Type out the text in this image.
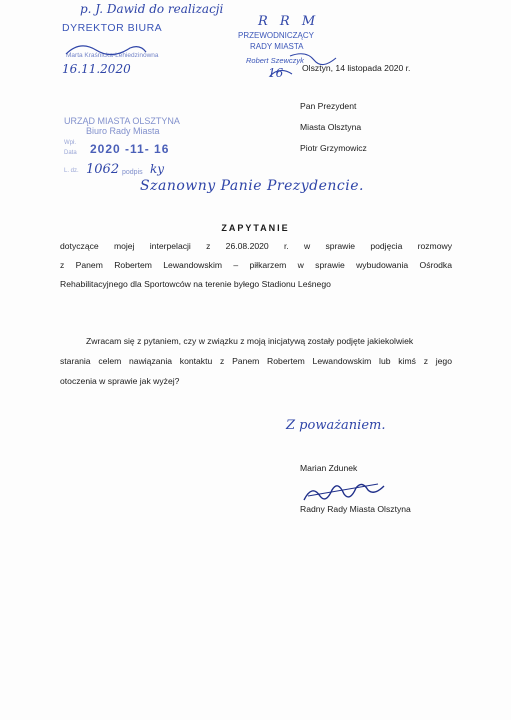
p. J. Dawid do realizacji
DYREKTOR BIURA
Marta Kraśnicka-Lehiedzinówna
16.11.2020
R R M
PRZEWODNICZĄCY
RADY MIASTA
Robert Szewczyk
16 Olsztyn, 14 listopada 2020 r.
URZĄD MIASTA OLSZTYNA
Biuro Rady Miasta
Wpł.
Data 2020 -11- 16
L. dz. 1062 podpis ky
Pan Prezydent
Miasta Olsztyna
Piotr Grzymowicz
Szanowny Panie Prezydencie.
ZAPYTANIE
dotyczące mojej interpelacji z 26.08.2020 r. w sprawie podjęcia rozmowy
z Panem Robertem Lewandowskim – piłkarzem w sprawie wybudowania Ośrodka
Rehabilitacyjnego dla Sportowców na terenie byłego Stadionu Leśnego
Zwracam się z pytaniem, czy w związku z moją inicjatywą zostały podjęte jakiekolwiek
starania celem nawiązania kontaktu z Panem Robertem Lewandowskim lub kimś z jego
otoczenia w sprawie jak wyżej?
Z poważaniem.
Marian Zdunek
Radny Rady Miasta Olsztyna
